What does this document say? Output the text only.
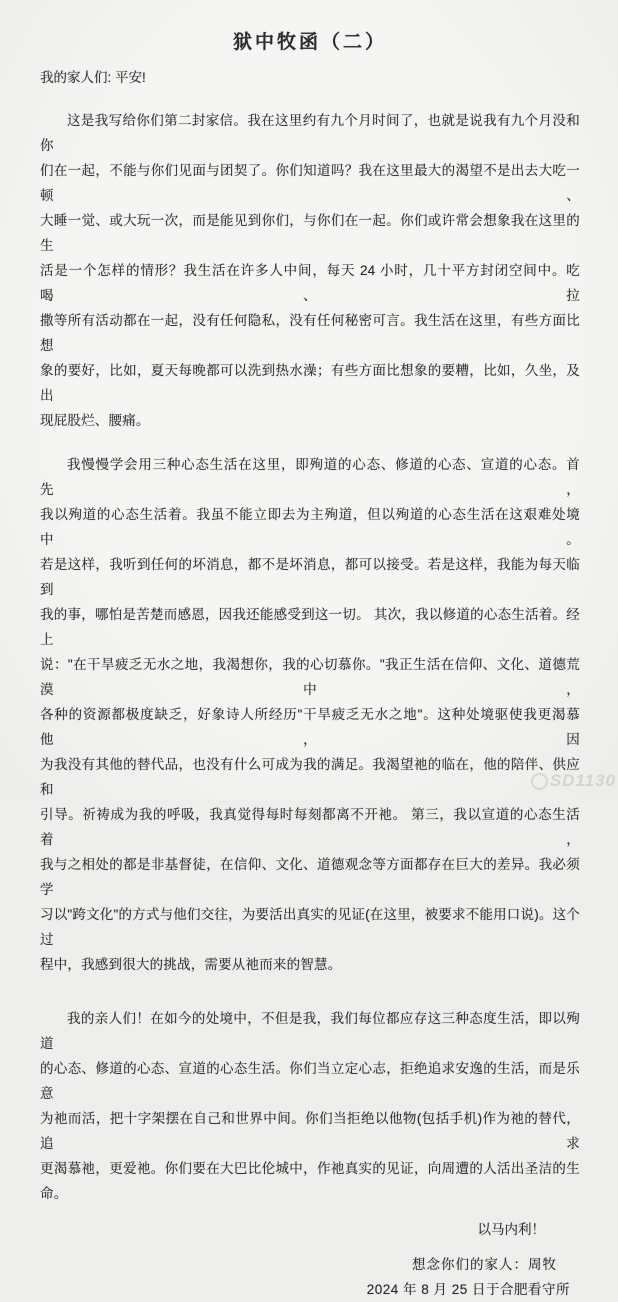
狱中牧函（二）

我的家人们: 平安!

这是我写给你们第二封家信。我在这里约有九个月时间了，也就是说我有九个月没和你
们在一起，不能与你们见面与团契了。你们知道吗？我在这里最大的渴望不是出去大吃一顿、
大睡一觉、或大玩一次，而是能见到你们，与你们在一起。你们或许常会想象我在这里的生
活是一个怎样的情形？我生活在许多人中间，每天 24 小时，几十平方封闭空间中。吃喝、拉
撒等所有活动都在一起，没有任何隐私，没有任何秘密可言。我生活在这里，有些方面比想
象的要好，比如，夏天每晚都可以洗到热水澡；有些方面比想象的要糟，比如，久坐，及出
现屁股烂、腰痛。
我慢慢学会用三种心态生活在这里，即殉道的心态、修道的心态、宣道的心态。首先，
我以殉道的心态生活着。我虽不能立即去为主殉道，但以殉道的心态生活在这艰难处境中。
若是这样，我听到任何的坏消息，都不是坏消息，都可以接受。若是这样，我能为每天临到
我的事，哪怕是苦楚而感恩，因我还能感受到这一切。 其次，我以修道的心态生活着。经上
说："在干旱疲乏无水之地，我渴想你，我的心切慕你。"我正生活在信仰、文化、道德荒漠中，
各种的资源都极度缺乏，好象诗人所经历"干旱疲乏无水之地"。这种处境驱使我更渴慕他，因
为我没有其他的替代品，也没有什么可成为我的满足。我渴望祂的临在，他的陪伴、供应和
引导。祈祷成为我的呼吸，我真觉得每时每刻都离不开祂。 第三，我以宣道的心态生活着，
我与之相处的都是非基督徒，在信仰、文化、道德观念等方面都存在巨大的差异。我必须学
习以"跨文化"的方式与他们交往，为要活出真实的见证(在这里，被要求不能用口说)。这个过
程中，我感到很大的挑战，需要从祂而来的智慧。
我的亲人们！在如今的处境中，不但是我，我们每位都应存这三种态度生活，即以殉道
的心态、修道的心态、宣道的心态生活。你们当立定心志，拒绝追求安逸的生活，而是乐意
为祂而活，把十字架摆在自己和世界中间。你们当拒绝以他物(包括手机)作为祂的替代，追求
更渴慕祂，更爱祂。你们要在大巴比伦城中，作祂真实的见证，向周遭的人活出圣洁的生命。

以马内利！

想念你们的家人：周牧

2024 年 8 月 25 日于合肥看守所

SD1130
